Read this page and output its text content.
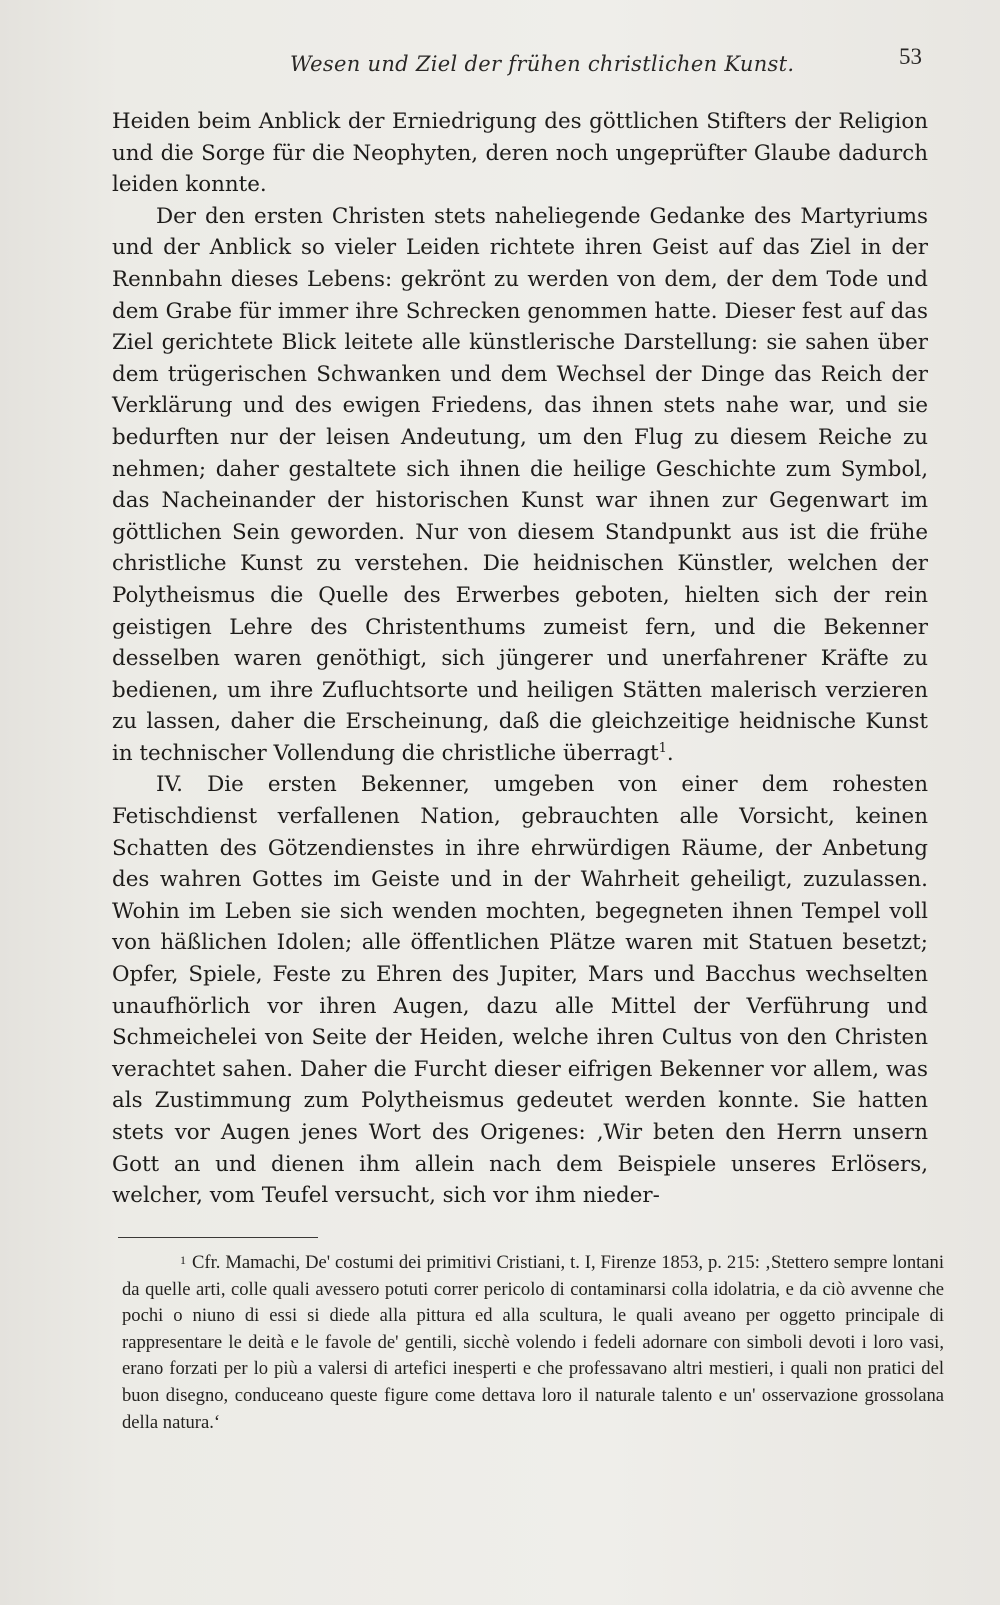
Wesen und Ziel der frühen christlichen Kunst.	53

Heiden beim Anblick der Erniedrigung des göttlichen Stifters der Religion und die Sorge für die Neophyten, deren noch ungeprüfter Glaube dadurch leiden konnte.

Der den ersten Christen stets naheliegende Gedanke des Martyriums und der Anblick so vieler Leiden richtete ihren Geist auf das Ziel in der Rennbahn dieses Lebens: gekrönt zu werden von dem, der dem Tode und dem Grabe für immer ihre Schrecken genommen hatte. Dieser fest auf das Ziel gerichtete Blick leitete alle künstlerische Darstellung: sie sahen über dem trügerischen Schwanken und dem Wechsel der Dinge das Reich der Verklärung und des ewigen Friedens, das ihnen stets nahe war, und sie bedurften nur der leisen Andeutung, um den Flug zu diesem Reiche zu nehmen; daher gestaltete sich ihnen die heilige Geschichte zum Symbol, das Nacheinander der historischen Kunst war ihnen zur Gegenwart im göttlichen Sein geworden. Nur von diesem Standpunkt aus ist die frühe christliche Kunst zu verstehen. Die heidnischen Künstler, welchen der Polytheismus die Quelle des Erwerbes geboten, hielten sich der rein geistigen Lehre des Christenthums zumeist fern, und die Bekenner desselben waren genöthigt, sich jüngerer und unerfahrener Kräfte zu bedienen, um ihre Zufluchtsorte und heiligen Stätten malerisch verzieren zu lassen, daher die Erscheinung, daß die gleichzeitige heidnische Kunst in technischer Vollendung die christliche überragt$^1$.

IV. Die ersten Bekenner, umgeben von einer dem rohesten Fetischdienst verfallenen Nation, gebrauchten alle Vorsicht, keinen Schatten des Götzendienstes in ihre ehrwürdigen Räume, der Anbetung des wahren Gottes im Geiste und in der Wahrheit geheiligt, zuzulassen. Wohin im Leben sie sich wenden mochten, begegneten ihnen Tempel voll von häßlichen Idolen; alle öffentlichen Plätze waren mit Statuen besetzt; Opfer, Spiele, Feste zu Ehren des Jupiter, Mars und Bacchus wechselten unaufhörlich vor ihren Augen, dazu alle Mittel der Verführung und Schmeichelei von Seite der Heiden, welche ihren Cultus von den Christen verachtet sahen. Daher die Furcht dieser eifrigen Bekenner vor allem, was als Zustimmung zum Polytheismus gedeutet werden konnte. Sie hatten stets vor Augen jenes Wort des Origenes: ‚Wir beten den Herrn unsern Gott an und dienen ihm allein nach dem Beispiele unseres Erlösers, welcher, vom Teufel versucht, sich vor ihm nieder-

$^1$ Cfr. Mamachi, De' costumi dei primitivi Cristiani, t. I, Firenze 1853, p. 215: ‚Stettero sempre lontani da quelle arti, colle quali avessero potuti correr pericolo di contaminarsi colla idolatria, e da ciò avvenne che pochi o niuno di essi si diede alla pittura ed alla scultura, le quali aveano per oggetto principale di rappresentare le deità e le favole de' gentili, sicchè volendo i fedeli adornare con simboli devoti i loro vasi, erano forzati per lo più a valersi di artefici inesperti e che professavano altri mestieri, i quali non pratici del buon disegno, conduceano queste figure come dettava loro il naturale talento e un' osservazione grossolana della natura.‘
